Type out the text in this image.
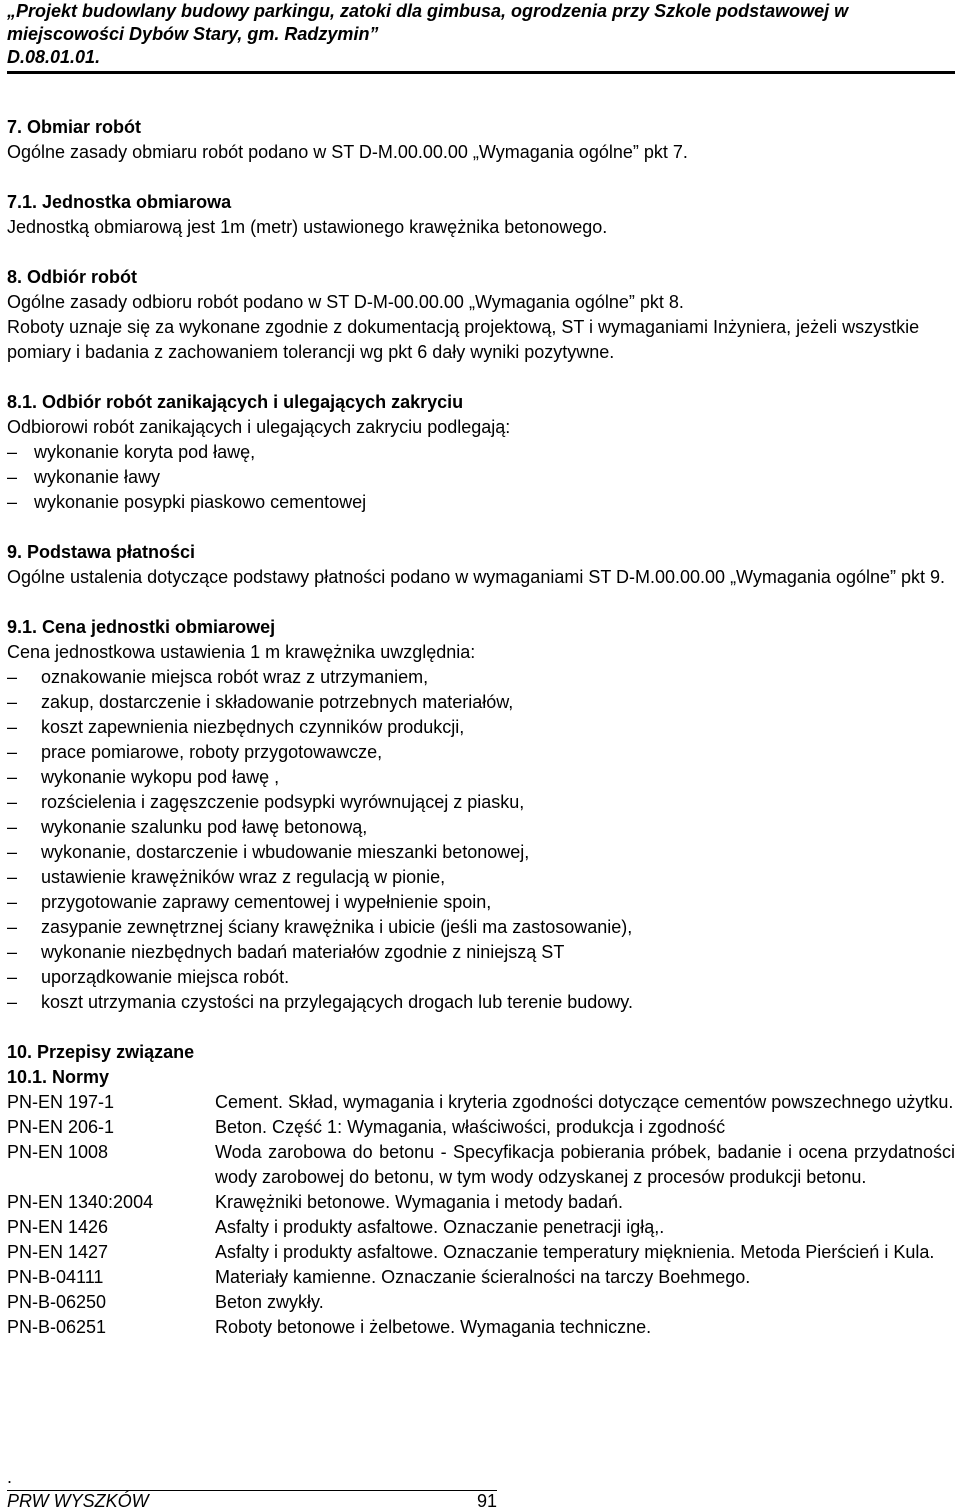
„Projekt budowlany budowy parkingu, zatoki dla gimbusa, ogrodzenia przy Szkole podstawowej w
miejscowości Dybów Stary, gm. Radzymin”
D.08.01.01.
7. Obmiar robót
Ogólne zasady obmiaru robót podano w ST D-M.00.00.00 „Wymagania ogólne” pkt 7.
7.1. Jednostka obmiarowa
Jednostką obmiarową jest 1m (metr) ustawionego krawężnika betonowego.
8. Odbiór robót
Ogólne zasady odbioru robót podano w ST D-M-00.00.00 „Wymagania ogólne” pkt 8.
Roboty uznaje się za wykonane zgodnie z dokumentacją projektową, ST i wymaganiami Inżyniera, jeżeli wszystkie pomiary i badania z zachowaniem tolerancji wg pkt 6 dały wyniki pozytywne.
8.1. Odbiór robót zanikających i ulegających zakryciu
Odbiorowi robót zanikających i ulegających zakryciu podlegają:
– wykonanie koryta pod ławę,
– wykonanie ławy
– wykonanie posypki piaskowo cementowej
9. Podstawa płatności
Ogólne ustalenia dotyczące podstawy płatności podano w wymaganiami ST D-M.00.00.00 „Wymagania ogólne” pkt 9.
9.1. Cena jednostki obmiarowej
Cena jednostkowa ustawienia 1 m krawężnika uwzględnia:
– oznakowanie miejsca robót wraz z utrzymaniem,
– zakup, dostarczenie i składowanie potrzebnych materiałów,
– koszt zapewnienia niezbędnych czynników produkcji,
– prace pomiarowe, roboty przygotowawcze,
– wykonanie wykopu pod ławę ,
– rozścielenia i zagęszczenie podsypki wyrównującej z piasku,
– wykonanie szalunku pod ławę betonową,
– wykonanie, dostarczenie i wbudowanie mieszanki betonowej,
– ustawienie krawężników wraz z regulacją w pionie,
– przygotowanie zaprawy cementowej i wypełnienie spoin,
– zasypanie zewnętrznej ściany krawężnika i ubicie (jeśli ma zastosowanie),
– wykonanie niezbędnych badań materiałów zgodnie z niniejszą ST
– uporządkowanie miejsca robót.
– koszt utrzymania czystości na przylegających drogach lub terenie budowy.
10. Przepisy związane
10.1. Normy
PN-EN 197-1	Cement. Skład, wymagania i kryteria zgodności dotyczące cementów powszechnego użytku.
PN-EN 206-1	Beton. Część 1: Wymagania, właściwości, produkcja i zgodność
PN-EN 1008	Woda zarobowa do betonu - Specyfikacja pobierania próbek, badanie i ocena przydatności wody zarobowej do betonu, w tym wody odzyskanej z procesów produkcji betonu.
PN-EN 1340:2004	Krawężniki betonowe. Wymagania i metody badań.
PN-EN 1426	Asfalty i produkty asfaltowe. Oznaczanie penetracji igłą,.
PN-EN 1427	Asfalty i produkty asfaltowe. Oznaczanie temperatury mięknienia. Metoda Pierścień i Kula.
PN-B-04111	Materiały kamienne. Oznaczanie ścieralności na tarczy Boehmego.
PN-B-06250	Beton zwykły.
PN-B-06251	Roboty betonowe i żelbetowe. Wymagania techniczne.
.
PRW WYSZKÓW	91
